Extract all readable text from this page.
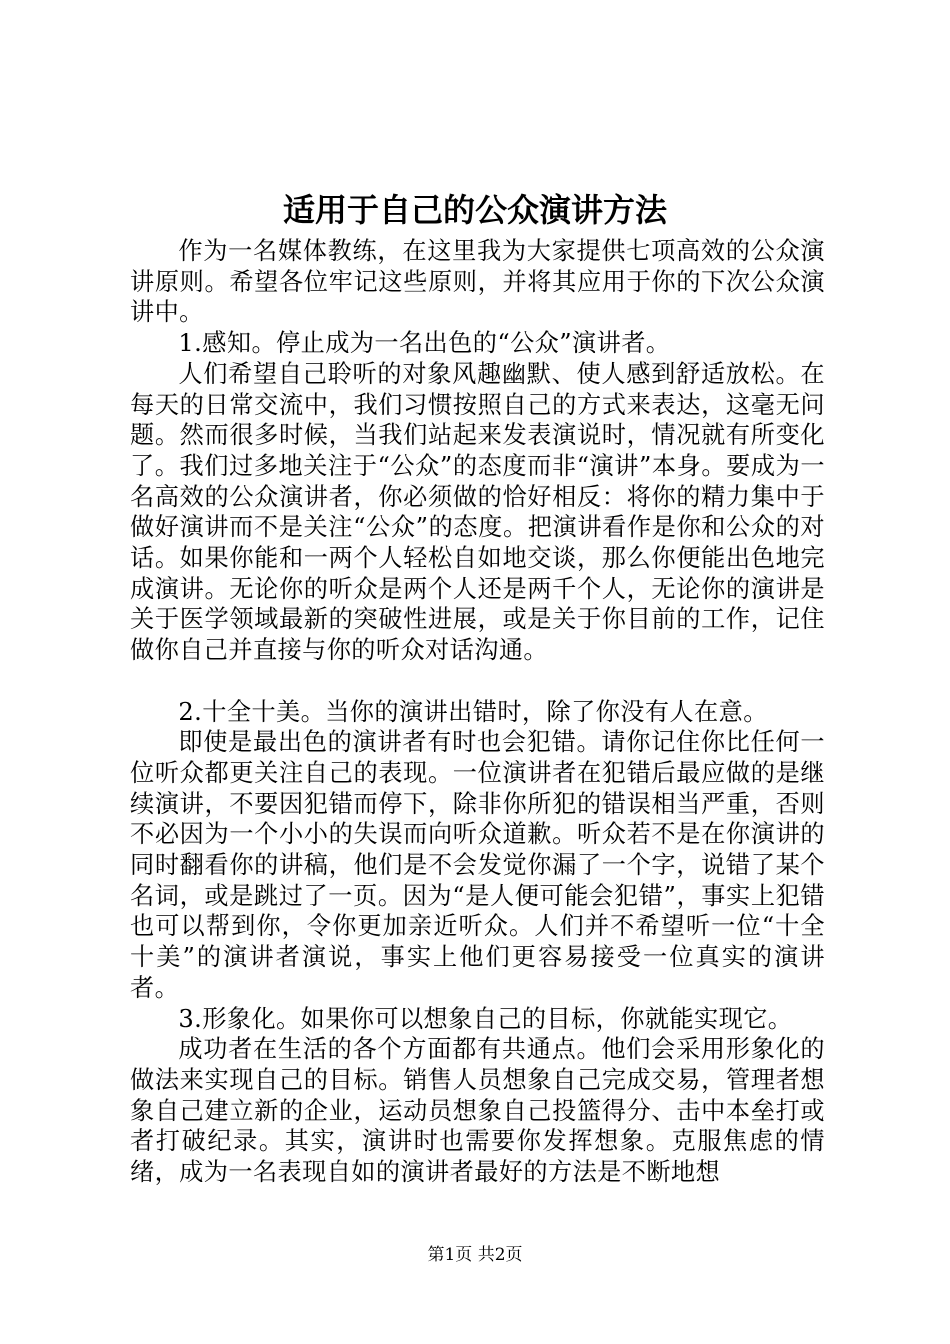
适用于自己的公众演讲方法

作为一名媒体教练，在这里我为大家提供七项高效的公众演讲原则。希望各位牢记这些原则，并将其应用于你的下次公众演讲中。

1.感知。停止成为一名出色的“公众”演讲者。

人们希望自己聆听的对象风趣幽默、使人感到舒适放松。在每天的日常交流中，我们习惯按照自己的方式来表达，这毫无问题。然而很多时候，当我们站起来发表演说时，情况就有所变化了。我们过多地关注于“公众”的态度而非“演讲”本身。要成为一名高效的公众演讲者，你必须做的恰好相反：将你的精力集中于做好演讲而不是关注“公众”的态度。把演讲看作是你和公众的对话。如果你能和一两个人轻松自如地交谈，那么你便能出色地完成演讲。无论你的听众是两个人还是两千个人，无论你的演讲是关于医学领域最新的突破性进展，或是关于你目前的工作，记住做你自己并直接与你的听众对话沟通。

2.十全十美。当你的演讲出错时，除了你没有人在意。

即使是最出色的演讲者有时也会犯错。请你记住你比任何一位听众都更关注自己的表现。一位演讲者在犯错后最应做的是继续演讲，不要因犯错而停下，除非你所犯的错误相当严重，否则不必因为一个小小的失误而向听众道歉。听众若不是在你演讲的同时翻看你的讲稿，他们是不会发觉你漏了一个字，说错了某个名词，或是跳过了一页。因为“是人便可能会犯错”，事实上犯错也可以帮到你，令你更加亲近听众。人们并不希望听一位“十全十美”的演讲者演说，事实上他们更容易接受一位真实的演讲者。

3.形象化。如果你可以想象自己的目标，你就能实现它。

成功者在生活的各个方面都有共通点。他们会采用形象化的做法来实现自己的目标。销售人员想象自己完成交易，管理者想象自己建立新的企业，运动员想象自己投篮得分、击中本垒打或者打破纪录。其实，演讲时也需要你发挥想象。克服焦虑的情绪，成为一名表现自如的演讲者最好的方法是不断地想

第1页 共2页
